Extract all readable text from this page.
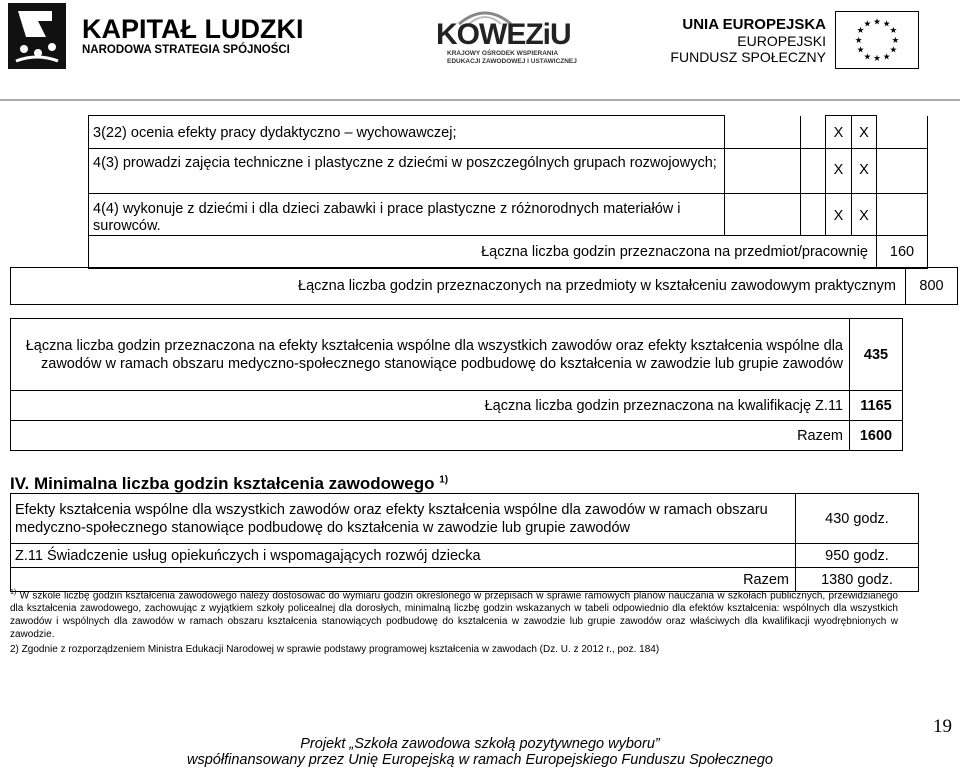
KAPITAŁ LUDZKI
NARODOWA STRATEGIA SPÓJNOŚCI	KOWEZiU
KRAJOWY OŚRODEK WSPIERANIA
EDUKACJI ZAWODOWEJ I USTAWICZNEJ
UNIA EUROPEJSKA
EUROPEJSKI
FUNDUSZ SPOŁECZNY
★ ★
★
★
★
★
★
★
★
★
★
★
3(22) ocenia efekty pracy dydaktyczno – wychowawczej;			X	X	
4(3) prowadzi zajęcia techniczne i plastyczne z dziećmi w poszczególnych grupach rozwojowych;			X	X	
4(4) wykonuje z dziećmi i dla dzieci zabawki i prace plastyczne z różnorodnych materiałów i surowców.			X	X	
Łączna liczba godzin przeznaczona na przedmiot/pracownię					160
Łączna liczba godzin przeznaczonych na przedmioty w kształceniu zawodowym praktycznym	800
Łączna liczba godzin przeznaczona na efekty kształcenia wspólne dla wszystkich zawodów oraz efekty kształcenia wspólne dla zawodów w ramach obszaru medyczno-społecznego stanowiące podbudowę do kształcenia w zawodzie lub grupie zawodów	435
Łączna liczba godzin przeznaczona na kwalifikację Z.11	1165
Razem	1600
IV. Minimalna liczba godzin kształcenia zawodowego $^{1)}$
Efekty kształcenia wspólne dla wszystkich zawodów oraz efekty kształcenia wspólne dla zawodów w ramach obszaru medyczno-społecznego stanowiące podbudowę do kształcenia w zawodzie lub grupie zawodów	430 godz.
Z.11 Świadczenie usług opiekuńczych i wspomagających rozwój dziecka	950 godz.
Razem	1380 godz.
$^{1)}$ W szkole liczbę godzin kształcenia zawodowego należy dostosować do wymiaru godzin określonego w przepisach w sprawie ramowych planów nauczania w szkołach publicznych, przewidzianego dla kształcenia zawodowego, zachowując z wyjątkiem szkoły policealnej dla dorosłych, minimalną liczbę godzin wskazanych w tabeli odpowiednio dla efektów kształcenia: wspólnych dla wszystkich zawodów i wspólnych dla zawodów w ramach obszaru kształcenia stanowiących podbudowę do kształcenia w zawodzie lub grupie zawodów oraz właściwych dla kwalifikacji wyodrębnionych w zawodzie.
2) Zgodnie z rozporządzeniem Ministra Edukacji Narodowej w sprawie podstawy programowej kształcenia w zawodach (Dz. U. z 2012 r., poz. 184)
19
Projekt „Szkoła zawodowa szkołą pozytywnego wyboru”
współfinansowany przez Unię Europejską w ramach Europejskiego Funduszu Społecznego
